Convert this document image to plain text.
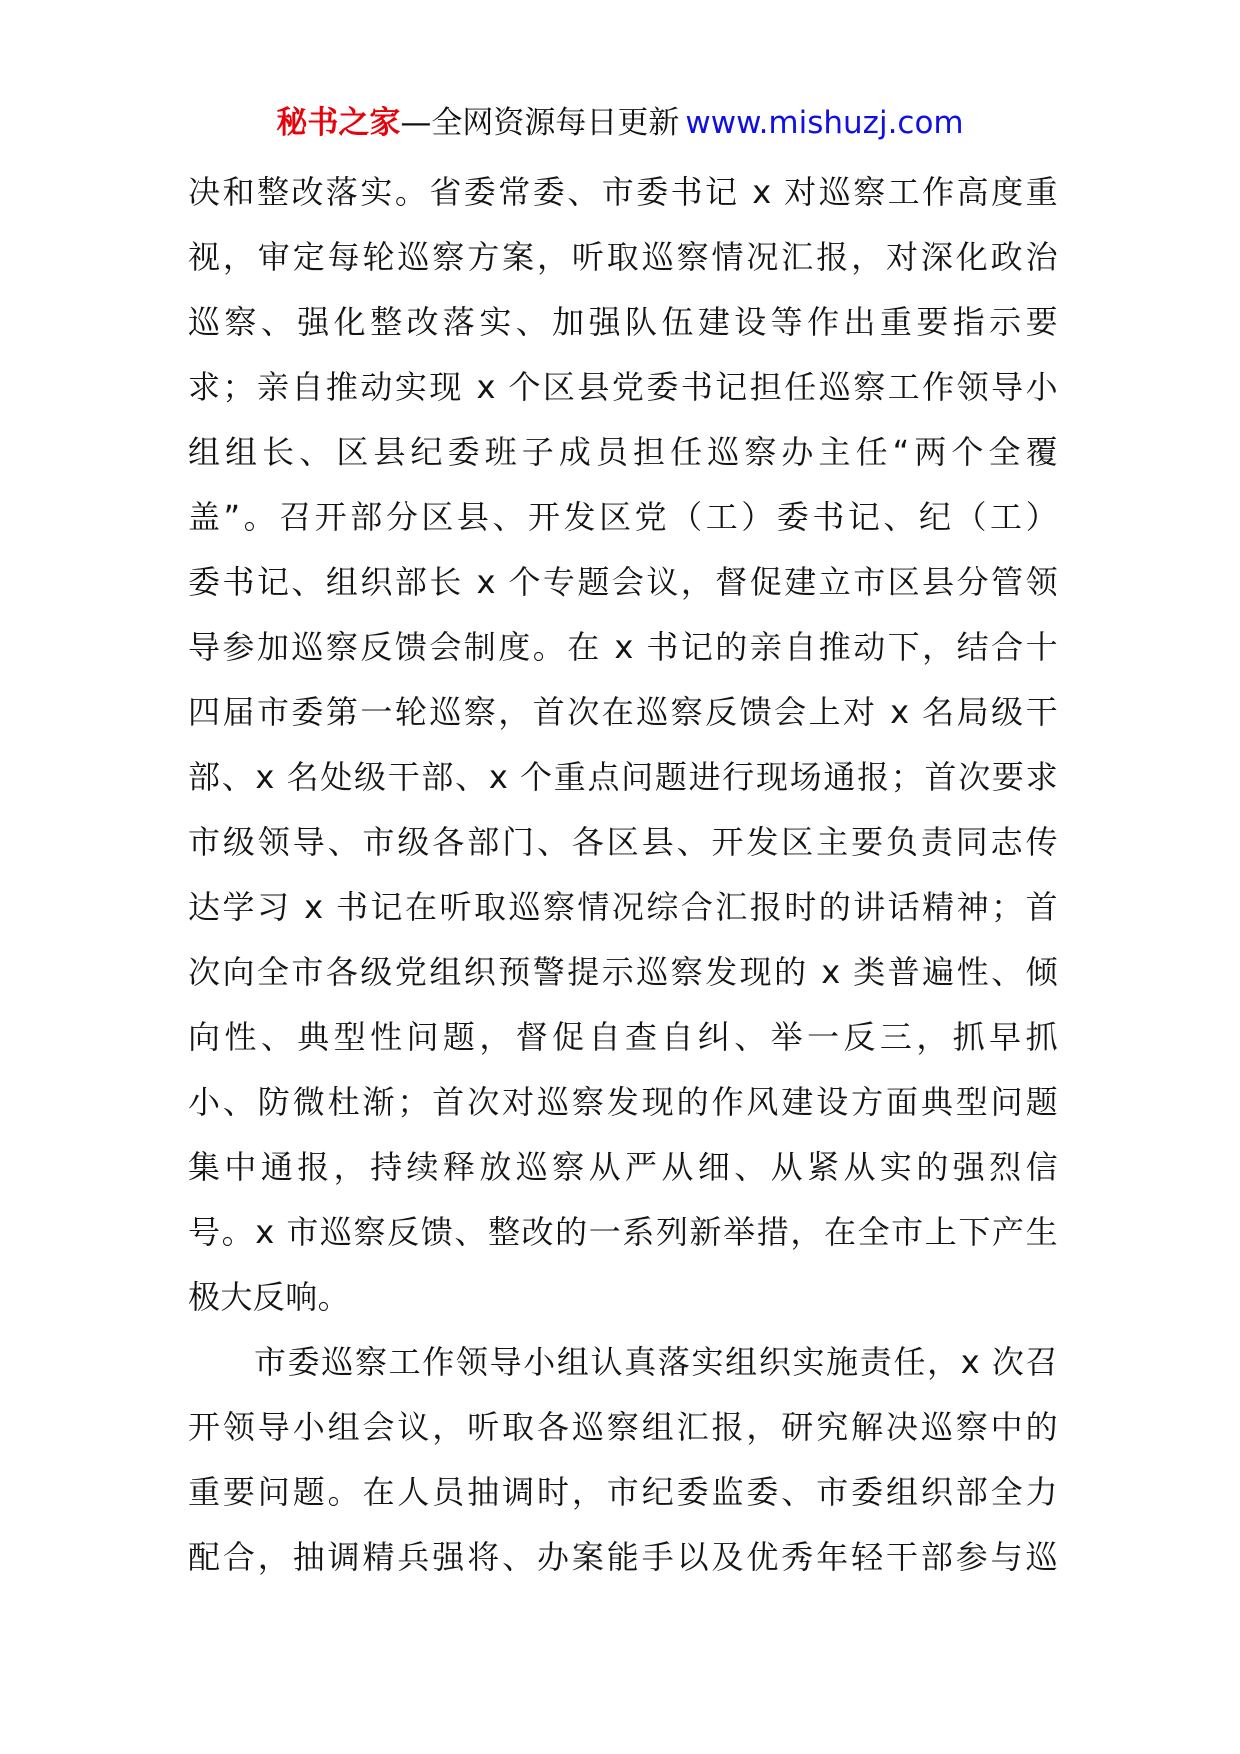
秘书之家—全网资源每日更新 www.mishuzj.com
决和整改落实。省委常委、市委书记 x 对巡察工作高度重
视，审定每轮巡察方案，听取巡察情况汇报，对深化政治
巡察、强化整改落实、加强队伍建设等作出重要指示要
求；亲自推动实现 x 个区县党委书记担任巡察工作领导小
组组长、区县纪委班子成员担任巡察办主任“两个全覆
盖”。召开部分区县、开发区党（工）委书记、纪（工）
委书记、组织部长 x 个专题会议，督促建立市区县分管领
导参加巡察反馈会制度。在 x 书记的亲自推动下，结合十
四届市委第一轮巡察，首次在巡察反馈会上对 x 名局级干
部、x 名处级干部、x 个重点问题进行现场通报；首次要求
市级领导、市级各部门、各区县、开发区主要负责同志传
达学习 x 书记在听取巡察情况综合汇报时的讲话精神；首
次向全市各级党组织预警提示巡察发现的 x 类普遍性、倾
向性、典型性问题，督促自查自纠、举一反三，抓早抓
小、防微杜渐；首次对巡察发现的作风建设方面典型问题
集中通报，持续释放巡察从严从细、从紧从实的强烈信
号。x 市巡察反馈、整改的一系列新举措，在全市上下产生
极大反响。
市委巡察工作领导小组认真落实组织实施责任，x 次召
开领导小组会议，听取各巡察组汇报，研究解决巡察中的
重要问题。在人员抽调时，市纪委监委、市委组织部全力
配合，抽调精兵强将、办案能手以及优秀年轻干部参与巡
